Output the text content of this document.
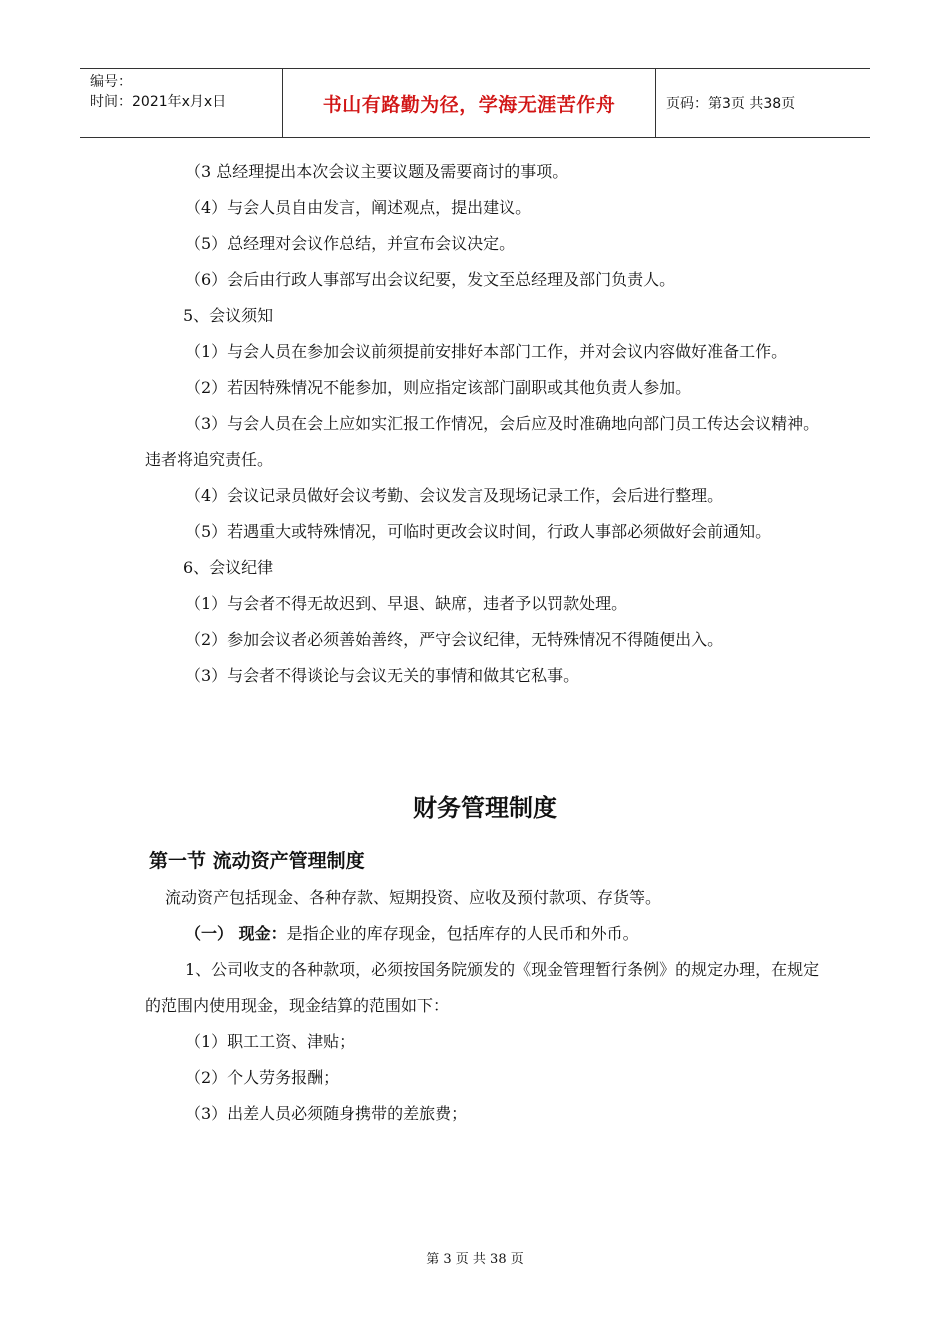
编号：
时间：2021年x月x日	书山有路勤为径，学海无涯苦作舟	页码：第3页 共38页

（3 总经理提出本次会议主要议题及需要商讨的事项。

（4）与会人员自由发言，阐述观点，提出建议。

（5）总经理对会议作总结，并宣布会议决定。

（6）会后由行政人事部写出会议纪要，发文至总经理及部门负责人。

5、会议须知

（1）与会人员在参加会议前须提前安排好本部门工作，并对会议内容做好准备工作。

（2）若因特殊情况不能参加，则应指定该部门副职或其他负责人参加。

（3）与会人员在会上应如实汇报工作情况，会后应及时准确地向部门员工传达会议精神。违者将追究责任。

（4）会议记录员做好会议考勤、会议发言及现场记录工作，会后进行整理。

（5）若遇重大或特殊情况，可临时更改会议时间，行政人事部必须做好会前通知。

6、会议纪律

（1）与会者不得无故迟到、早退、缺席，违者予以罚款处理。

（2）参加会议者必须善始善终，严守会议纪律，无特殊情况不得随便出入。

（3）与会者不得谈论与会议无关的事情和做其它私事。

财务管理制度
第一节 流动资产管理制度

流动资产包括现金、各种存款、短期投资、应收及预付款项、存货等。

（一） 现金：是指企业的库存现金，包括库存的人民币和外币。

1、公司收支的各种款项，必须按国务院颁发的《现金管理暂行条例》的规定办理，在规定的范围内使用现金，现金结算的范围如下：

（1）职工工资、津贴；

（2）个人劳务报酬；

（3）出差人员必须随身携带的差旅费；

第 3 页 共 38 页
